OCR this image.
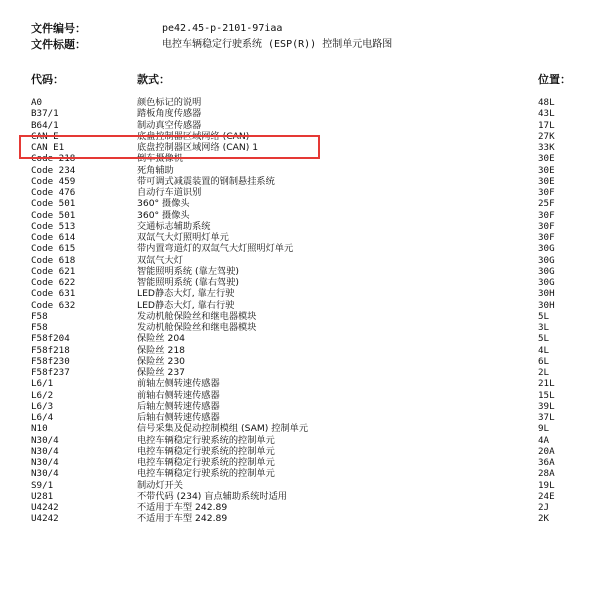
文件编号：	pe42.45-p-2101-97iaa
文件标题：	电控车辆稳定行驶系统 (ESP(R)) 控制单元电路图
代码：	款式：	位置：
A0	颜色标记的说明	48L
B37/1	踏板角度传感器	43L
B64/1	制动真空传感器	17L
CAN E	底盘控制器区域网络 (CAN)	27K
CAN E1	底盘控制器区域网络 (CAN) 1	33K
Code 218	倒车摄像机	30E
Code 234	死角辅助	30E
Code 459	带可调式减震装置的钢制悬挂系统	30E
Code 476	自动行车道识别	30F
Code 501	360° 摄像头	25F
Code 501	360° 摄像头	30F
Code 513	交通标志辅助系统	30F
Code 614	双氙气大灯照明灯单元	30F
Code 615	带内置弯道灯的双氙气大灯照明灯单元	30G
Code 618	双氙气大灯	30G
Code 621	智能照明系统 (靠左驾驶)	30G
Code 622	智能照明系统 (靠右驾驶)	30G
Code 631	LED静态大灯, 靠左行驶	30H
Code 632	LED静态大灯, 靠右行驶	30H
F58	发动机舱保险丝和继电器模块	5L
F58	发动机舱保险丝和继电器模块	3L
F58f204	保险丝 204	5L
F58f218	保险丝 218	4L
F58f230	保险丝 230	6L
F58f237	保险丝 237	2L
L6/1	前轴左侧转速传感器	21L
L6/2	前轴右侧转速传感器	15L
L6/3	后轴左侧转速传感器	39L
L6/4	后轴右侧转速传感器	37L
N10	信号采集及促动控制模组 (SAM) 控制单元	9L
N30/4	电控车辆稳定行驶系统的控制单元	4A
N30/4	电控车辆稳定行驶系统的控制单元	20A
N30/4	电控车辆稳定行驶系统的控制单元	36A
N30/4	电控车辆稳定行驶系统的控制单元	28A
S9/1	制动灯开关	19L
U281	不带代码 (234) 盲点辅助系统时适用	24E
U4242	不适用于车型 242.89	2J
U4242	不适用于车型 242.89	2K
